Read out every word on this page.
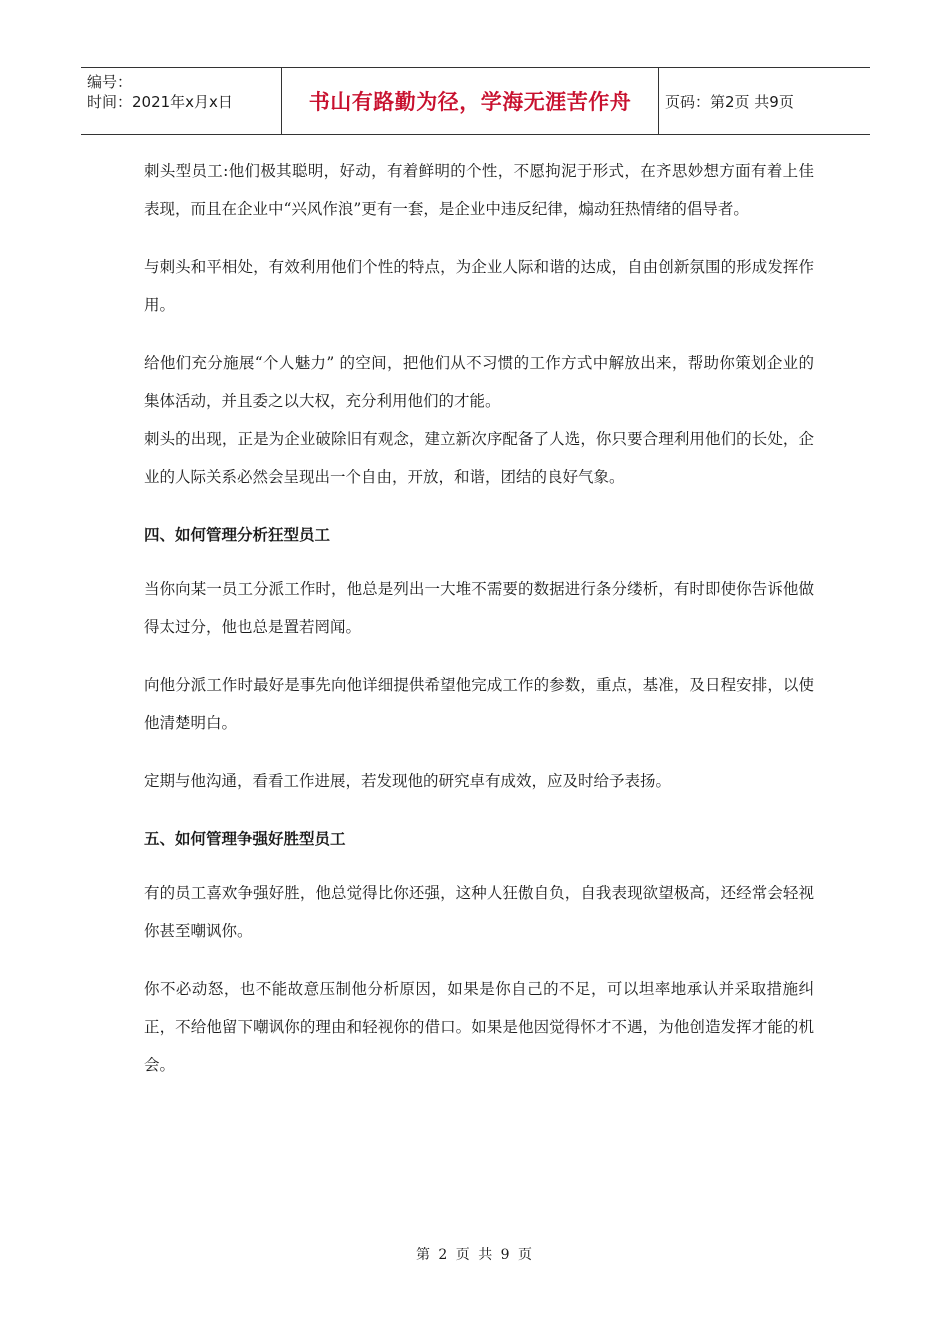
编号：
时间：2021年x月x日	书山有路勤为径，学海无涯苦作舟	页码：第2页 共9页

刺头型员工:他们极其聪明，好动，有着鲜明的个性，不愿拘泥于形式，在齐思妙想方面有着上佳表现，而且在企业中“兴风作浪”更有一套，是企业中违反纪律，煽动狂热情绪的倡导者。

与刺头和平相处，有效利用他们个性的特点，为企业人际和谐的达成，自由创新氛围的形成发挥作用。

给他们充分施展“个人魅力” 的空间，把他们从不习惯的工作方式中解放出来，帮助你策划企业的集体活动，并且委之以大权，充分利用他们的才能。

刺头的出现，正是为企业破除旧有观念，建立新次序配备了人选，你只要合理利用他们的长处，企业的人际关系必然会呈现出一个自由，开放，和谐，团结的良好气象。

四、如何管理分析狂型员工

当你向某一员工分派工作时，他总是列出一大堆不需要的数据进行条分缕析，有时即使你告诉他做得太过分，他也总是置若罔闻。

向他分派工作时最好是事先向他详细提供希望他完成工作的参数，重点，基准，及日程安排，以使他清楚明白。

定期与他沟通，看看工作进展，若发现他的研究卓有成效，应及时给予表扬。

五、如何管理争强好胜型员工

有的员工喜欢争强好胜，他总觉得比你还强，这种人狂傲自负，自我表现欲望极高，还经常会轻视你甚至嘲讽你。

你不必动怒，也不能故意压制他分析原因，如果是你自己的不足，可以坦率地承认并采取措施纠正，不给他留下嘲讽你的理由和轻视你的借口。如果是他因觉得怀才不遇，为他创造发挥才能的机会。

第 2 页 共 9 页
